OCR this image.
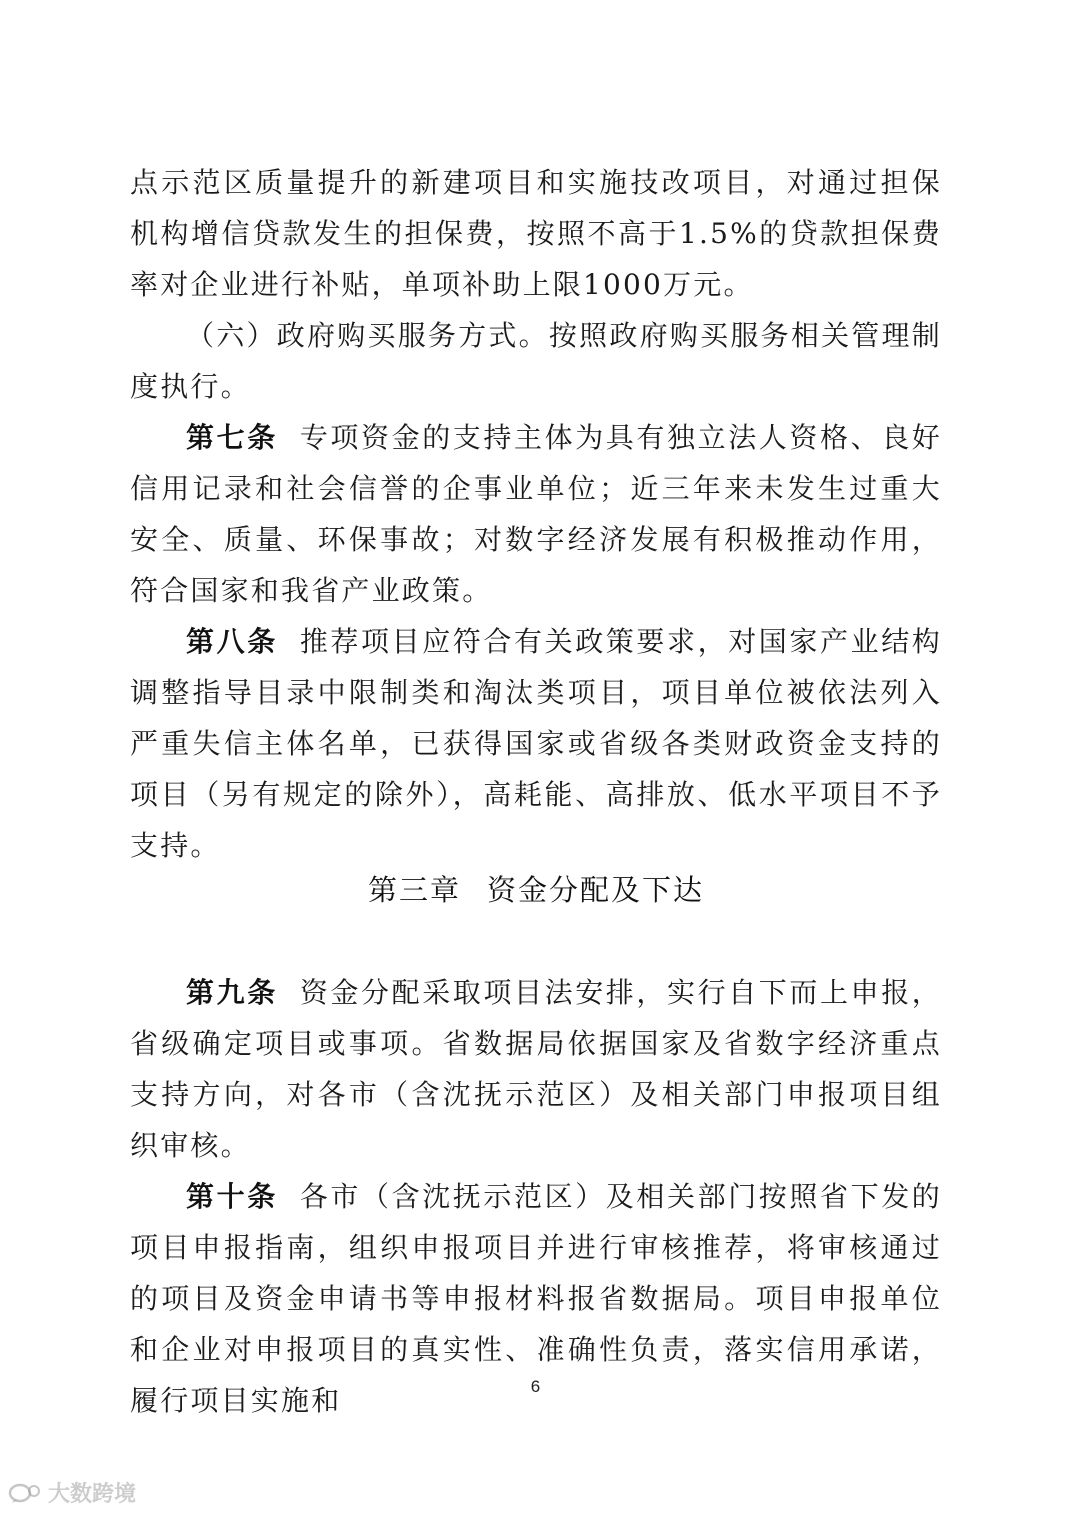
点示范区质量提升的新建项目和实施技改项目，对通过担保机构增信贷款发生的担保费，按照不高于1.5%的贷款担保费率对企业进行补贴，单项补助上限1000万元。

（六）政府购买服务方式。按照政府购买服务相关管理制度执行。

第七条 专项资金的支持主体为具有独立法人资格、良好信用记录和社会信誉的企事业单位；近三年来未发生过重大安全、质量、环保事故；对数字经济发展有积极推动作用，符合国家和我省产业政策。

第八条 推荐项目应符合有关政策要求，对国家产业结构调整指导目录中限制类和淘汰类项目，项目单位被依法列入严重失信主体名单，已获得国家或省级各类财政资金支持的项目（另有规定的除外），高耗能、高排放、低水平项目不予支持。

第三章 资金分配及下达

第九条 资金分配采取项目法安排，实行自下而上申报，省级确定项目或事项。省数据局依据国家及省数字经济重点支持方向，对各市（含沈抚示范区）及相关部门申报项目组织审核。

第十条 各市（含沈抚示范区）及相关部门按照省下发的项目申报指南，组织申报项目并进行审核推荐，将审核通过的项目及资金申请书等申报材料报省数据局。项目申报单位和企业对申报项目的真实性、准确性负责，落实信用承诺，履行项目实施和	6
大数跨境
